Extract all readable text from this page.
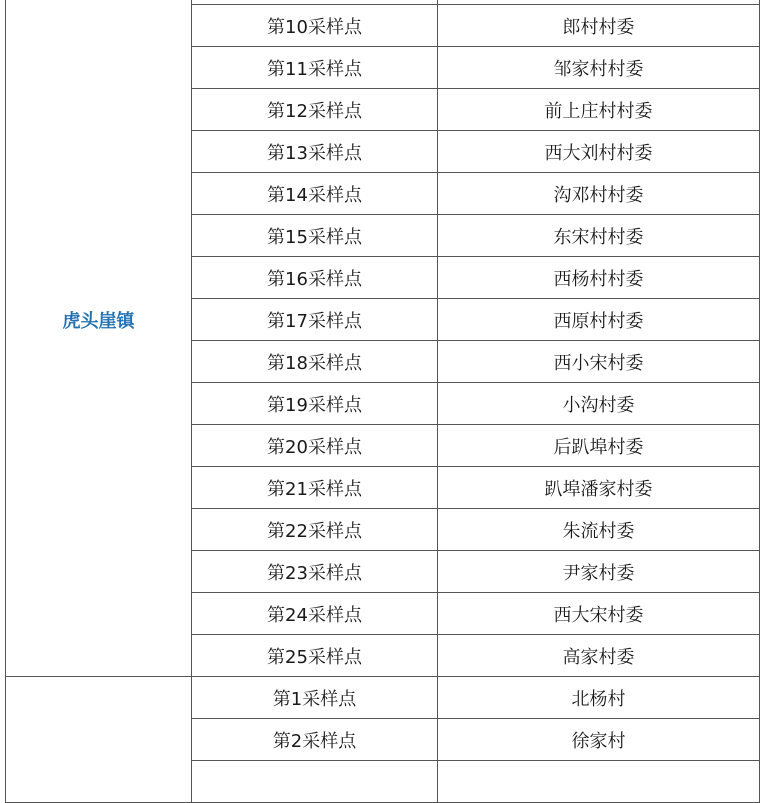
虎头崖镇		
	第10采样点	郎村村委
	第11采样点	邹家村村委
	第12采样点	前上庄村村委
	第13采样点	西大刘村村委
	第14采样点	沟邓村村委
	第15采样点	东宋村村委
	第16采样点	西杨村村委
	第17采样点	西原村村委
	第18采样点	西小宋村委
	第19采样点	小沟村委
	第20采样点	后趴埠村委
	第21采样点	趴埠潘家村委
	第22采样点	朱流村委
	第23采样点	尹家村委
	第24采样点	西大宋村委
	第25采样点	高家村委
	第1采样点	北杨村
	第2采样点	徐家村
